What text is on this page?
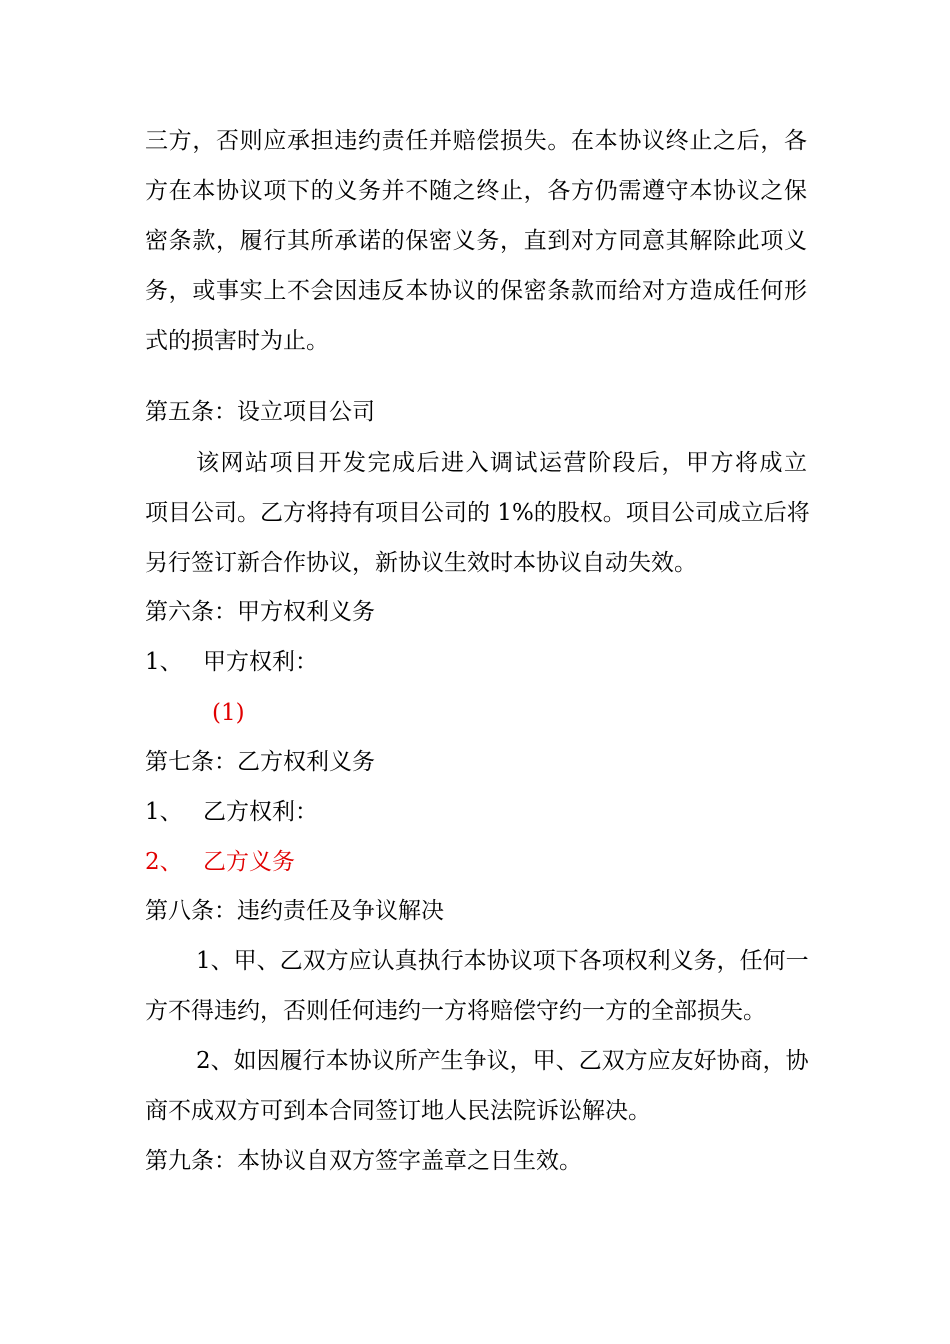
三方，否则应承担违约责任并赔偿损失。在本协议终止之后，各
方在本协议项下的义务并不随之终止，各方仍需遵守本协议之保
密条款，履行其所承诺的保密义务，直到对方同意其解除此项义
务，或事实上不会因违反本协议的保密条款而给对方造成任何形
式的损害时为止。
第五条：设立项目公司
该网站项目开发完成后进入调试运营阶段后，甲方将成立
项目公司。乙方将持有项目公司的 1%的股权。项目公司成立后将
另行签订新合作协议，新协议生效时本协议自动失效。
第六条：甲方权利义务
1、 甲方权利：
(1)
第七条：乙方权利义务
1、 乙方权利：
2、 乙方义务
第八条：违约责任及争议解决
1、甲、乙双方应认真执行本协议项下各项权利义务，任何一
方不得违约，否则任何违约一方将赔偿守约一方的全部损失。
2、如因履行本协议所产生争议，甲、乙双方应友好协商，协
商不成双方可到本合同签订地人民法院诉讼解决。
第九条：本协议自双方签字盖章之日生效。
